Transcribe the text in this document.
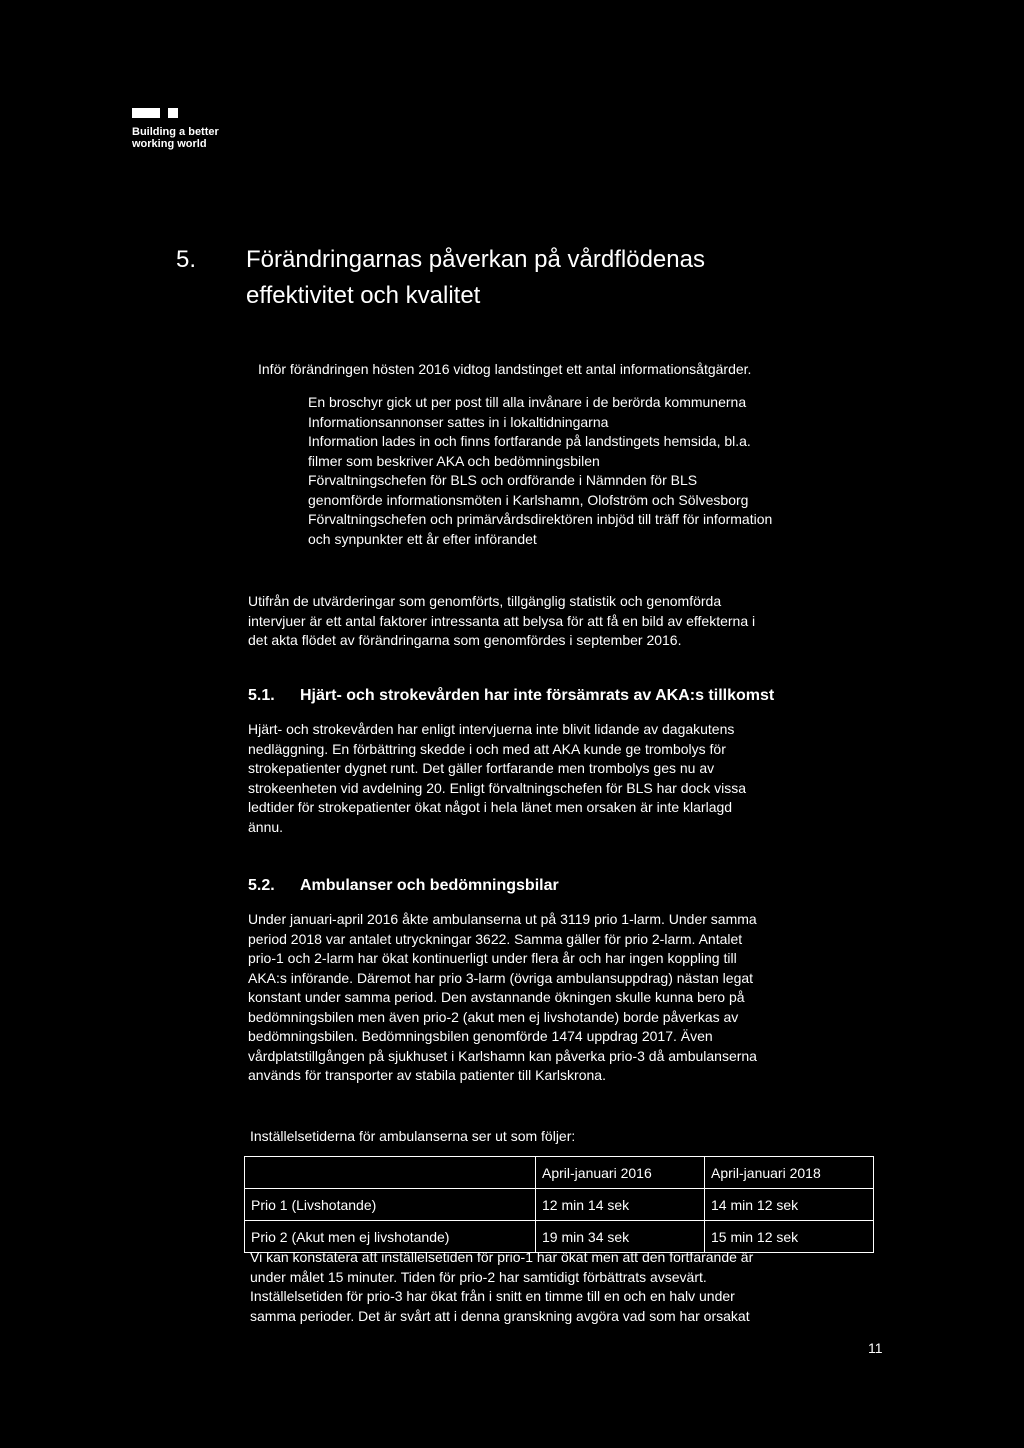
Building a better

working world

5. Förändringarnas påverkan på vårdflödenas
effektivitet och kvalitet

Inför förändringen hösten 2016 vidtog landstinget ett antal informationsåtgärder.

En broschyr gick ut per post till alla invånare i de berörda kommunerna
Informationsannonser sattes in i lokaltidningarna
Information lades in och finns fortfarande på landstingets hemsida, bl.a.
filmer som beskriver AKA och bedömningsbilen
Förvaltningschefen för BLS och ordförande i Nämnden för BLS
genomförde informationsmöten i Karlshamn, Olofström och Sölvesborg
Förvaltningschefen och primärvårdsdirektören inbjöd till träff för information
och synpunkter ett år efter införandet
Utifrån de utvärderingar som genomförts, tillgänglig statistik och genomförda
intervjuer är ett antal faktorer intressanta att belysa för att få en bild av effekterna i
det akta flödet av förändringarna som genomfördes i september 2016.
5.1. Hjärt- och strokevården har inte försämrats av AKA:s tillkomst
Hjärt- och strokevården har enligt intervjuerna inte blivit lidande av dagakutens
nedläggning. En förbättring skedde i och med att AKA kunde ge trombolys för
strokepatienter dygnet runt. Det gäller fortfarande men trombolys ges nu av
strokeenheten vid avdelning 20. Enligt förvaltningschefen för BLS har dock vissa
ledtider för strokepatienter ökat något i hela länet men orsaken är inte klarlagd
ännu.
5.2. Ambulanser och bedömningsbilar
Under januari-april 2016 åkte ambulanserna ut på 3119 prio 1-larm. Under samma
period 2018 var antalet utryckningar 3622. Samma gäller för prio 2-larm. Antalet
prio-1 och 2-larm har ökat kontinuerligt under flera år och har ingen koppling till
AKA:s införande. Däremot har prio 3-larm (övriga ambulansuppdrag) nästan legat
konstant under samma period. Den avstannande ökningen skulle kunna bero på
bedömningsbilen men även prio-2 (akut men ej livshotande) borde påverkas av
bedömningsbilen. Bedömningsbilen genomförde 1474 uppdrag 2017. Även
vårdplatstillgången på sjukhuset i Karlshamn kan påverka prio-3 då ambulanserna
används för transporter av stabila patienter till Karlskrona.
Inställelsetiderna för ambulanserna ser ut som följer:
	April-januari 2016	April-januari 2018
Prio 1 (Livshotande)	12 min 14 sek	14 min 12 sek
Prio 2 (Akut men ej livshotande)	19 min 34 sek	15 min 12 sek
Vi kan konstatera att inställelsetiden för prio-1 har ökat men att den fortfarande är
under målet 15 minuter. Tiden för prio-2 har samtidigt förbättrats avsevärt.
Inställelsetiden för prio-3 har ökat från i snitt en timme till en och en halv under
samma perioder. Det är svårt att i denna granskning avgöra vad som har orsakat
11
